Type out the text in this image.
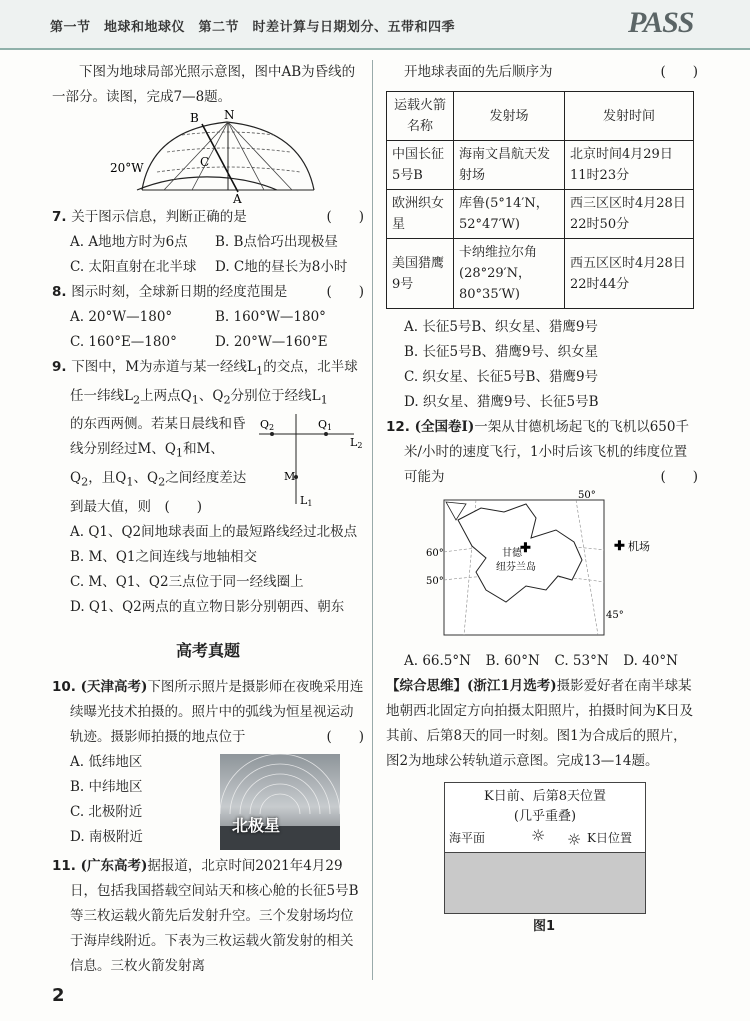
第一节　地球和地球仪　第二节　时差计算与日期划分、五带和四季	PASS

下图为地球局部光照示意图，图中AB为昏线的一部分。读图，完成7—8题。

B N
C
A
20°W

7. 关于图示信息，判断正确的是	(　　)

A. A地地方时为6点	B. B点恰巧出现极昼
C. 太阳直射在北半球	D. C地的昼长为8小时

8. 图示时刻，全球新日期的经度范围是	(　　)

A. 20°W—180°	B. 160°W—180°
C. 160°E—180°	D. 20°W—160°E

9. 下图中，M为赤道与某一经线$L_1$的交点，北半球任一纬线$L_2$上两点$Q_1$、$Q_2$分别位于经线$L_1$

Q2	Q1
L2
M
L1

的东西两侧。若某日晨线和昏线分别经过M、$Q_1$和M、$Q_2$，且$Q_1$、$Q_2$之间经度差达到最大值，则　 (　　)

A. Q1、Q2间地球表面上的最短路线经过北极点

B. M、Q1之间连线与地轴相交

C. M、Q1、Q2三点位于同一经线圈上

D. Q1、Q2两点的直立物日影分别朝西、朝东

高考真题

10. (天津高考)下图所示照片是摄影师在夜晚采用连续曝光技术拍摄的。照片中的弧线为恒星视运动轨迹。摄影师拍摄的地点位于	(　　)

北极星

A. 低纬地区

B. 中纬地区

C. 北极附近

D. 南极附近

11. (广东高考)据报道，北京时间2021年4月29日，包括我国搭载空间站天和核心舱的长征5号B等三枚运载火箭先后发射升空。三个发射场均位于海岸线附近。下表为三枚运载火箭发射的相关信息。三枚火箭发射离

开地球表面的先后顺序为	(　　)

运载火箭名称	发射场	发射时间
中国长征5号B	海南文昌航天发射场	北京时间4月29日11时23分
欧洲织女星	库鲁(5°14′N，52°47′W)	西三区区时4月28日22时50分
美国猎鹰9号	卡纳维拉尔角(28°29′N，80°35′W)	西五区区时4月28日22时44分

A. 长征5号B、织女星、猎鹰9号

B. 长征5号B、猎鹰9号、织女星

C. 织女星、长征5号B、猎鹰9号

D. 织女星、猎鹰9号、长征5号B

12. (全国卷Ⅰ)一架从甘德机场起飞的飞机以650千米/小时的速度飞行，1小时后该飞机的纬度位置可能为	(　　)

50°
60°
50°
45°
✚
甘德
纽芬兰岛
✚ 机场
A. 66.5°N B. 60°N C. 53°N D. 40°N

【综合思维】(浙江1月选考)摄影爱好者在南半球某地朝西北固定方向拍摄太阳照片，拍摄时间为K日及其前、后第8天的同一时刻。图1为合成后的照片，图2为地球公转轨道示意图。完成13—14题。

K日前、后第8天位置
(几乎重叠)
海平面	☼ ☼ K日位置
图1
2
